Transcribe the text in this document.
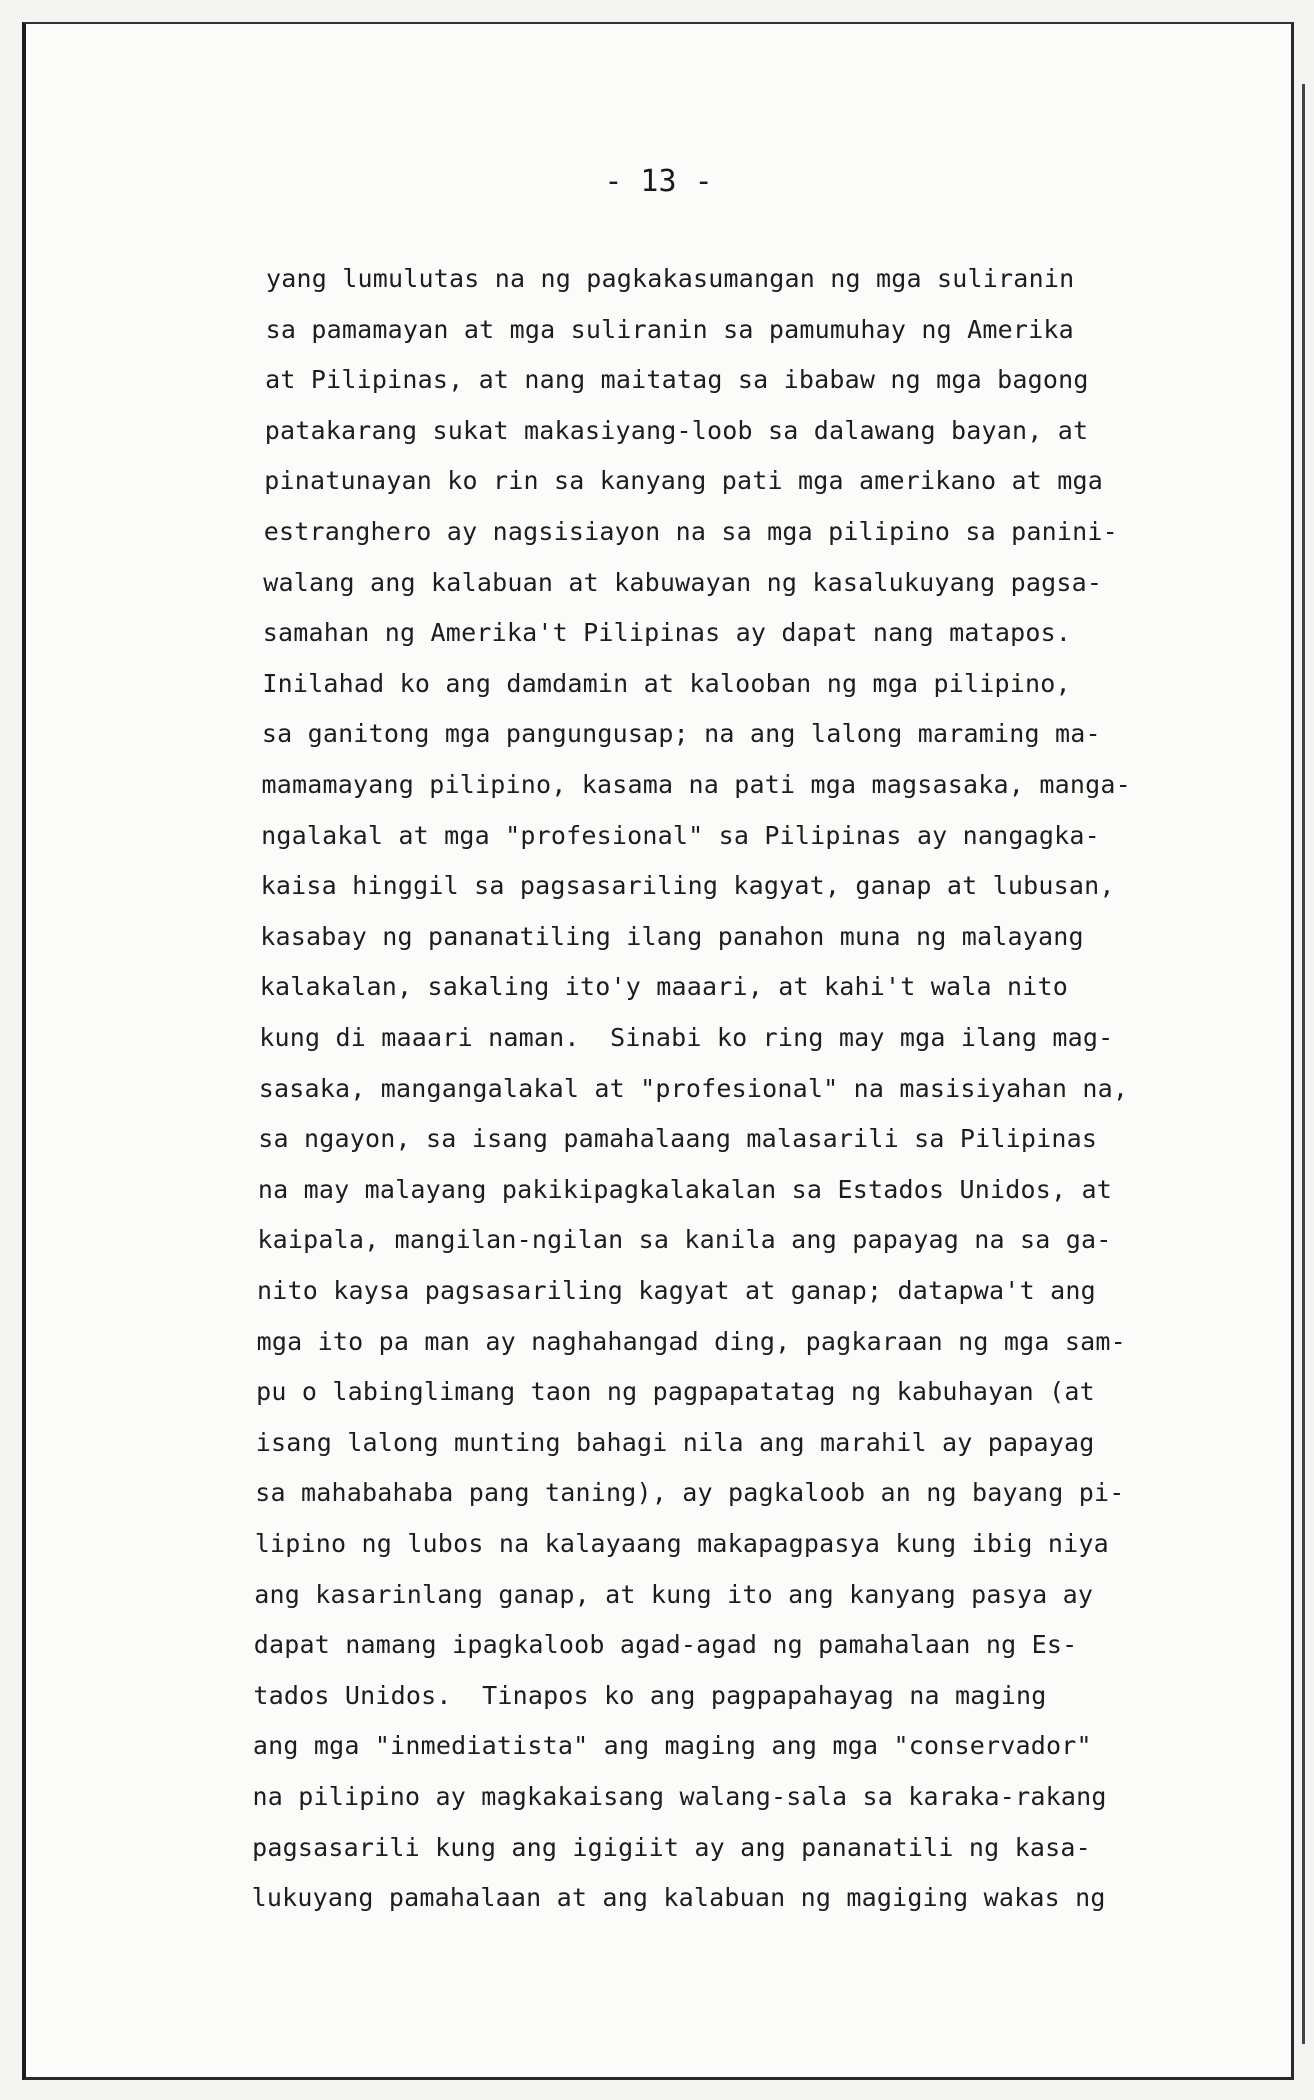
- 13 -
yang lumulutas na ng pagkakasumangan ng mga suliranin
sa pamamayan at mga suliranin sa pamumuhay ng Amerika
at Pilipinas, at nang maitatag sa ibabaw ng mga bagong
patakarang sukat makasiyang-loob sa dalawang bayan, at
pinatunayan ko rin sa kanyang pati mga amerikano at mga
estranghero ay nagsisiayon na sa mga pilipino sa panini-
walang ang kalabuan at kabuwayan ng kasalukuyang pagsa-
samahan ng Amerika't Pilipinas ay dapat nang matapos.
Inilahad ko ang damdamin at kalooban ng mga pilipino,
sa ganitong mga pangungusap; na ang lalong maraming ma-
mamamayang pilipino, kasama na pati mga magsasaka, manga-
ngalakal at mga "profesional" sa Pilipinas ay nangagka-
kaisa hinggil sa pagsasariling kagyat, ganap at lubusan,
kasabay ng pananatiling ilang panahon muna ng malayang
kalakalan, sakaling ito'y maaari, at kahi't wala nito
kung di maaari naman.  Sinabi ko ring may mga ilang mag-
sasaka, mangangalakal at "profesional" na masisiyahan na,
sa ngayon, sa isang pamahalaang malasarili sa Pilipinas
na may malayang pakikipagkalakalan sa Estados Unidos, at
kaipala, mangilan-ngilan sa kanila ang papayag na sa ga-
nito kaysa pagsasariling kagyat at ganap; datapwa't ang
mga ito pa man ay naghahangad ding, pagkaraan ng mga sam-
pu o labinglimang taon ng pagpapatatag ng kabuhayan (at
isang lalong munting bahagi nila ang marahil ay papayag
sa mahabahaba pang taning), ay pagkaloob an ng bayang pi-
lipino ng lubos na kalayaang makapagpasya kung ibig niya
ang kasarinlang ganap, at kung ito ang kanyang pasya ay
dapat namang ipagkaloob agad-agad ng pamahalaan ng Es-
tados Unidos.  Tinapos ko ang pagpapahayag na maging
ang mga "inmediatista" ang maging ang mga "conservador"
na pilipino ay magkakaisang walang-sala sa karaka-rakang
pagsasarili kung ang igigiit ay ang pananatili ng kasa-
lukuyang pamahalaan at ang kalabuan ng magiging wakas ng
